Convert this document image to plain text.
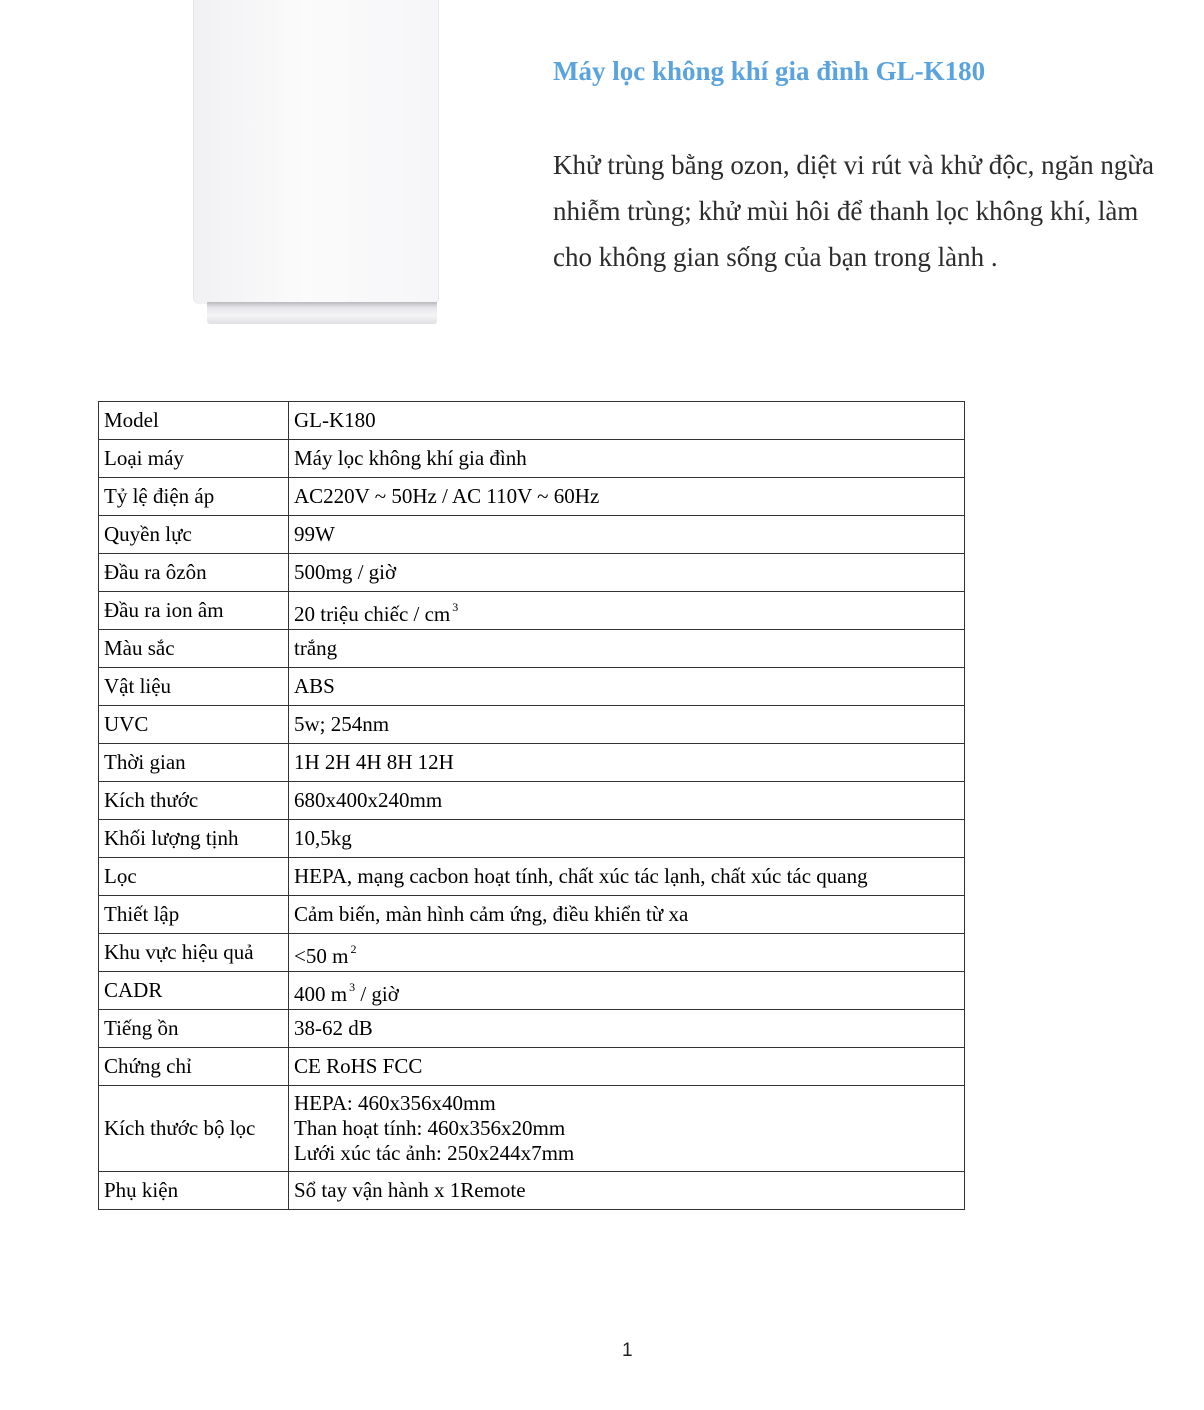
Máy lọc không khí gia đình GL-K180
Khử trùng bằng ozon, diệt vi rút và khử độc, ngăn ngừa nhiễm trùng; khử mùi hôi để thanh lọc không khí, làm cho không gian sống của bạn trong lành .
Model	GL-K180
Loại máy	Máy lọc không khí gia đình
Tỷ lệ điện áp	AC220V ~ 50Hz / AC 110V ~ 60Hz
Quyền lực	99W
Đầu ra ôzôn	500mg / giờ
Đầu ra ion âm	20 triệu chiếc / cm $^3$
Màu sắc	trắng
Vật liệu	ABS
UVC	5w; 254nm
Thời gian	1H 2H 4H 8H 12H
Kích thước	680x400x240mm
Khối lượng tịnh	10,5kg
Lọc	HEPA, mạng cacbon hoạt tính, chất xúc tác lạnh, chất xúc tác quang
Thiết lập	Cảm biến, màn hình cảm ứng, điều khiển từ xa
Khu vực hiệu quả	<50 m $^2$
CADR	400 m $^3$ / giờ
Tiếng ồn	38-62 dB
Chứng chỉ	CE RoHS FCC
Kích thước bộ lọc	HEPA: 460x356x40mm
Than hoạt tính: 460x356x20mm
Lưới xúc tác ảnh: 250x244x7mm

Phụ kiện	Sổ tay vận hành x 1Remote
1
